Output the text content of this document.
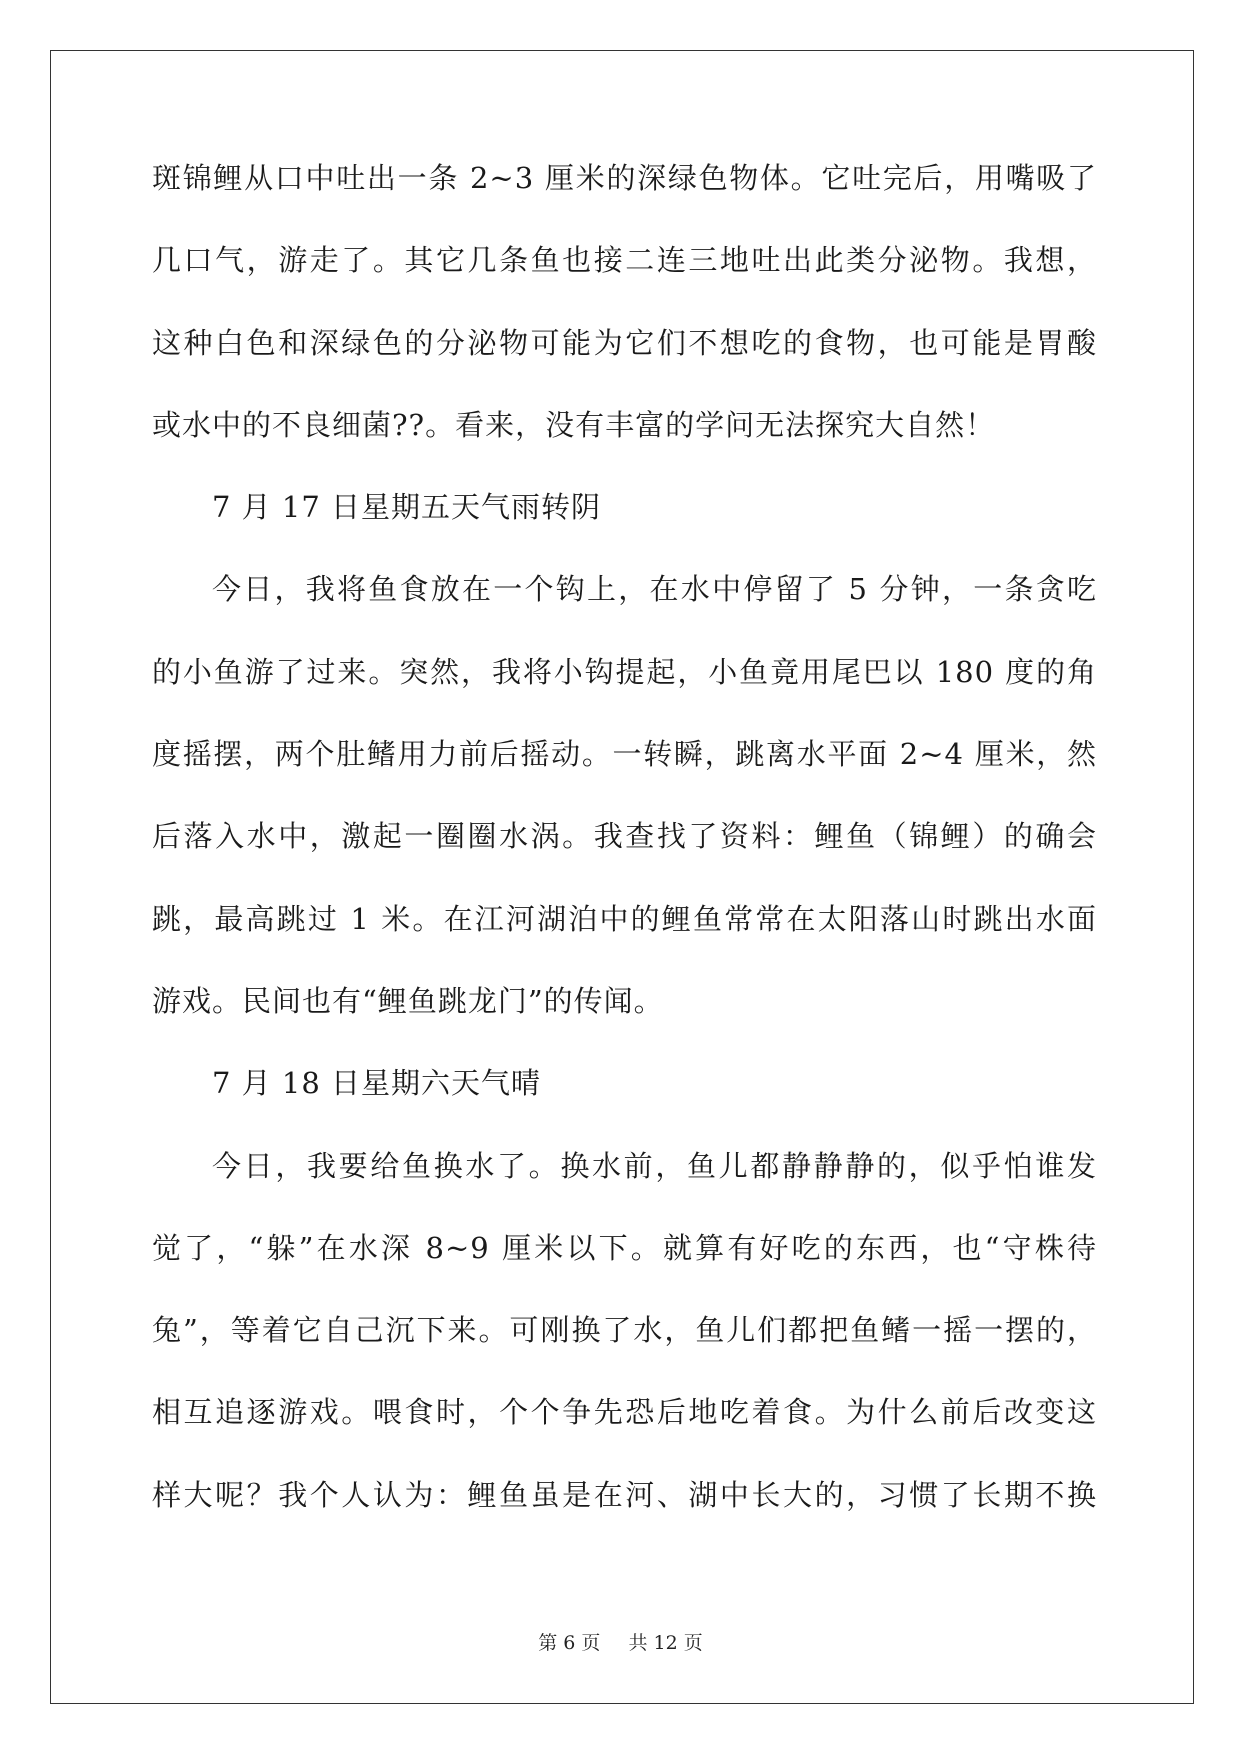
斑锦鲤从口中吐出一条 2~3 厘米的深绿色物体。它吐完后，用嘴吸了
几口气，游走了。其它几条鱼也接二连三地吐出此类分泌物。我想，
这种白色和深绿色的分泌物可能为它们不想吃的食物，也可能是胃酸
或水中的不良细菌??。看来，没有丰富的学问无法探究大自然！
7 月 17 日星期五天气雨转阴
今日，我将鱼食放在一个钩上，在水中停留了 5 分钟，一条贪吃
的小鱼游了过来。突然，我将小钩提起，小鱼竟用尾巴以 180 度的角
度摇摆，两个肚鳍用力前后摇动。一转瞬，跳离水平面 2~4 厘米，然
后落入水中，激起一圈圈水涡。我查找了资料：鲤鱼（锦鲤）的确会
跳，最高跳过 1 米。在江河湖泊中的鲤鱼常常在太阳落山时跳出水面
游戏。民间也有“鲤鱼跳龙门”的传闻。
7 月 18 日星期六天气晴
今日，我要给鱼换水了。换水前，鱼儿都静静静的，似乎怕谁发
觉了，“躲”在水深 8~9 厘米以下。就算有好吃的东西，也“守株待
兔”，等着它自己沉下来。可刚换了水，鱼儿们都把鱼鳍一摇一摆的，
相互追逐游戏。喂食时，个个争先恐后地吃着食。为什么前后改变这
样大呢？我个人认为：鲤鱼虽是在河、湖中长大的，习惯了长期不换
第 6 页 共 12 页
